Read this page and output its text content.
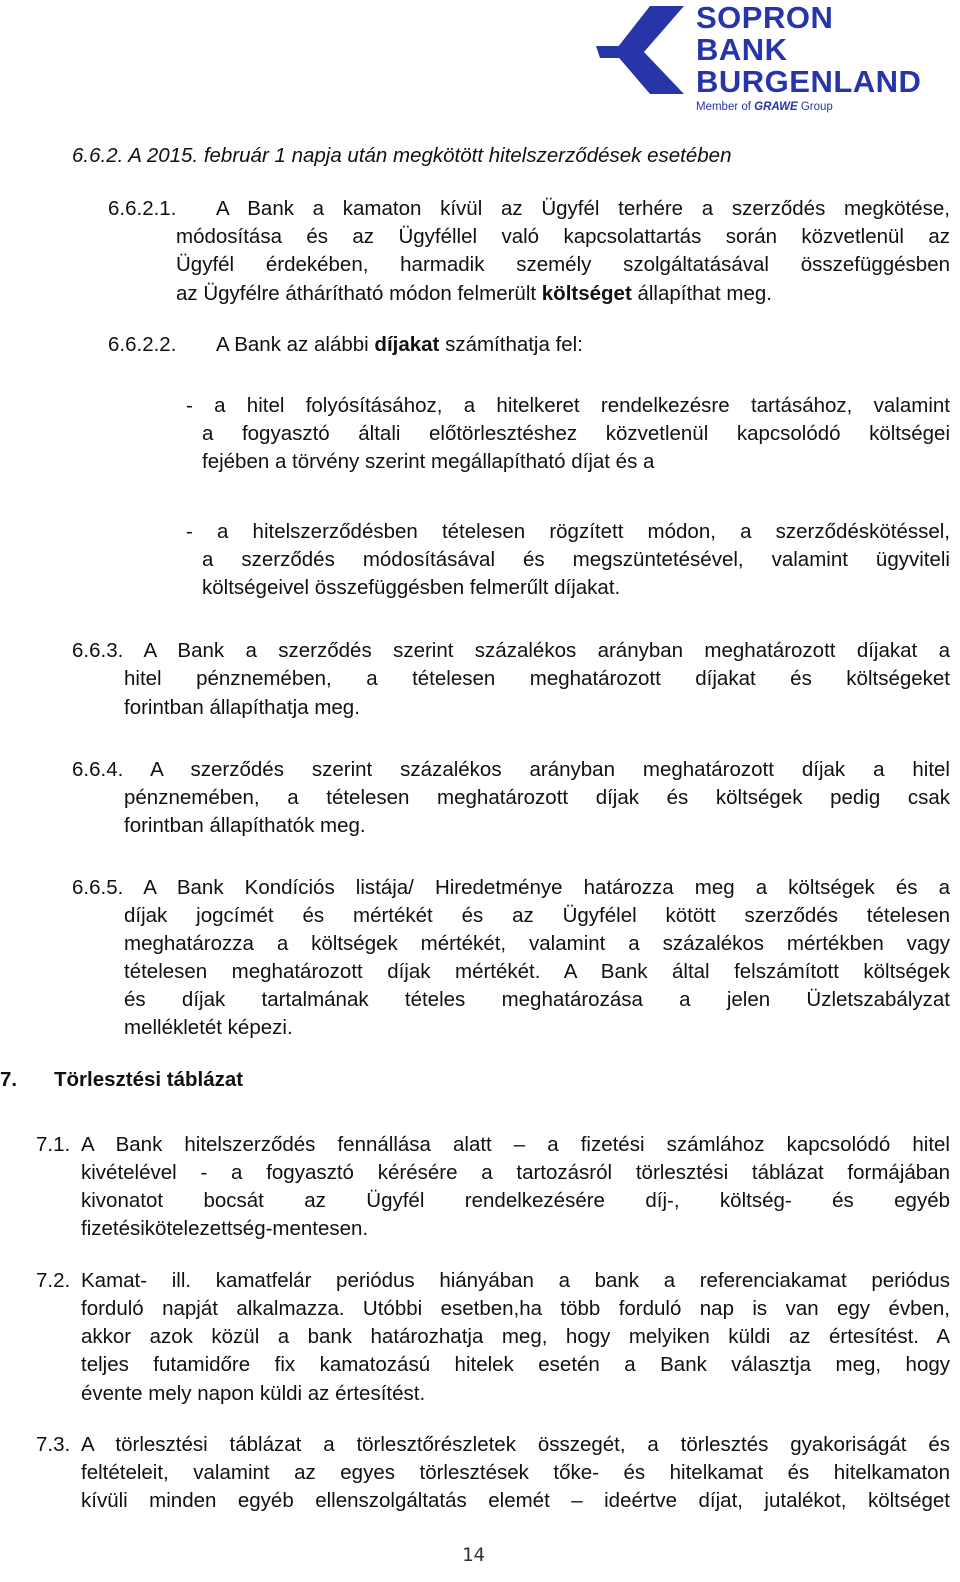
SOPRON
BANK
BURGENLAND
Member of GRAWE Group
6.6.2. A 2015. február 1 napja után megkötött hitelszerződések esetében
6.6.2.1. A Bank a kamaton kívül az Ügyfél terhére a szerződés megkötése,
módosítása és az Ügyféllel való kapcsolattartás során közvetlenül az
Ügyfél érdekében, harmadik személy szolgáltatásával összefüggésben
az Ügyfélre áthárítható módon felmerült költséget állapíthat meg.
6.6.2.2. A Bank az alábbi díjakat számíthatja fel:
- a hitel folyósításához, a hitelkeret rendelkezésre tartásához, valamint
a fogyasztó általi előtörlesztéshez közvetlenül kapcsolódó költségei
fejében a törvény szerint megállapítható díjat és a
- a hitelszerződésben tételesen rögzített módon, a szerződéskötéssel,
a szerződés módosításával és megszüntetésével, valamint ügyviteli
költségeivel összefüggésben felmerűlt díjakat.
6.6.3. A Bank a szerződés szerint százalékos arányban meghatározott díjakat a
hitel pénznemében, a tételesen meghatározott díjakat és költségeket
forintban állapíthatja meg.
6.6.4. A szerződés szerint százalékos arányban meghatározott díjak a hitel
pénznemében, a tételesen meghatározott díjak és költségek pedig csak
forintban állapíthatók meg.
6.6.5. A Bank Kondíciós listája/ Hiredetménye határozza meg a költségek és a
díjak jogcímét és mértékét és az Ügyfélel kötött szerződés tételesen
meghatározza a költségek mértékét, valamint a százalékos mértékben vagy
tételesen meghatározott díjak mértékét. A Bank által felszámított költségek
és díjak tartalmának tételes meghatározása a jelen Üzletszabályzat
mellékletét képezi.
7. Törlesztési táblázat
7.1. A Bank hitelszerződés fennállása alatt – a fizetési számlához kapcsolódó hitel
kivételével - a fogyasztó kérésére a tartozásról törlesztési táblázat formájában
kivonatot bocsát az Ügyfél rendelkezésére díj-, költség- és egyéb
fizetésikötelezettség-mentesen.
7.2. Kamat- ill. kamatfelár periódus hiányában a bank a referenciakamat periódus
forduló napját alkalmazza. Utóbbi esetben,ha több forduló nap is van egy évben,
akkor azok közül a bank határozhatja meg, hogy melyiken küldi az értesítést. A
teljes futamidőre fix kamatozású hitelek esetén a Bank választja meg, hogy
évente mely napon küldi az értesítést.
7.3. A törlesztési táblázat a törlesztőrészletek összegét, a törlesztés gyakoriságát és
feltételeit, valamint az egyes törlesztések tőke- és hitelkamat és hitelkamaton
kívüli minden egyéb ellenszolgáltatás elemét – ideértve díjat, jutalékot, költséget
14
